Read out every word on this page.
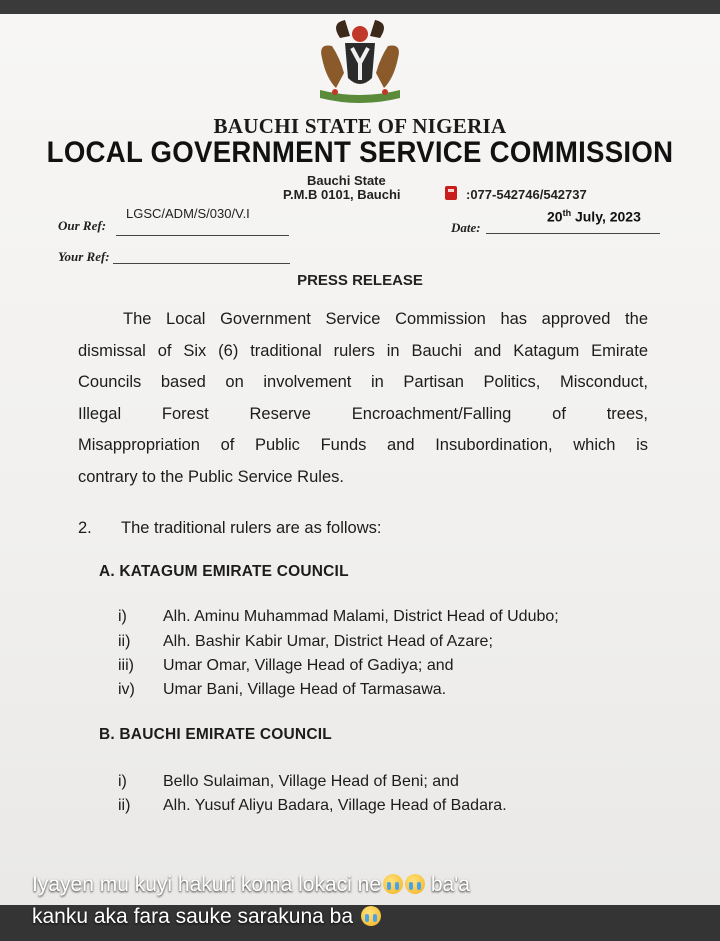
BAUCHI STATE OF NIGERIA
LOCAL GOVERNMENT SERVICE COMMISSION
Bauchi State
P.M.B 0101, Bauchi	:077-542746/542737
Our Ref:
LGSC/ADM/S/030/V.I
Date:
20th July, 2023
Your Ref:
PRESS RELEASE
The Local Government Service Commission has approved the
dismissal of Six (6) traditional rulers in Bauchi and Katagum Emirate
Councils based on involvement in Partisan Politics, Misconduct,
Illegal Forest Reserve Encroachment/Falling of trees,
Misappropriation of Public Funds and Insubordination, which is
contrary to the Public Service Rules.
2. The traditional rulers are as follows:
A. KATAGUM EMIRATE COUNCIL
i) Alh. Aminu Muhammad Malami, District Head of Udubo;
ii) Alh. Bashir Kabir Umar, District Head of Azare;
iii) Umar Omar, Village Head of Gadiya; and
iv) Umar Bani, Village Head of Tarmasawa.
B. BAUCHI EMIRATE COUNCIL
i) Bello Sulaiman, Village Head of Beni; and
ii) Alh. Yusuf Aliyu Badara, Village Head of Badara.
Iyayen mu kuyi hakuri koma lokaci ne ba'a
kanku aka fara sauke sarakuna ba
